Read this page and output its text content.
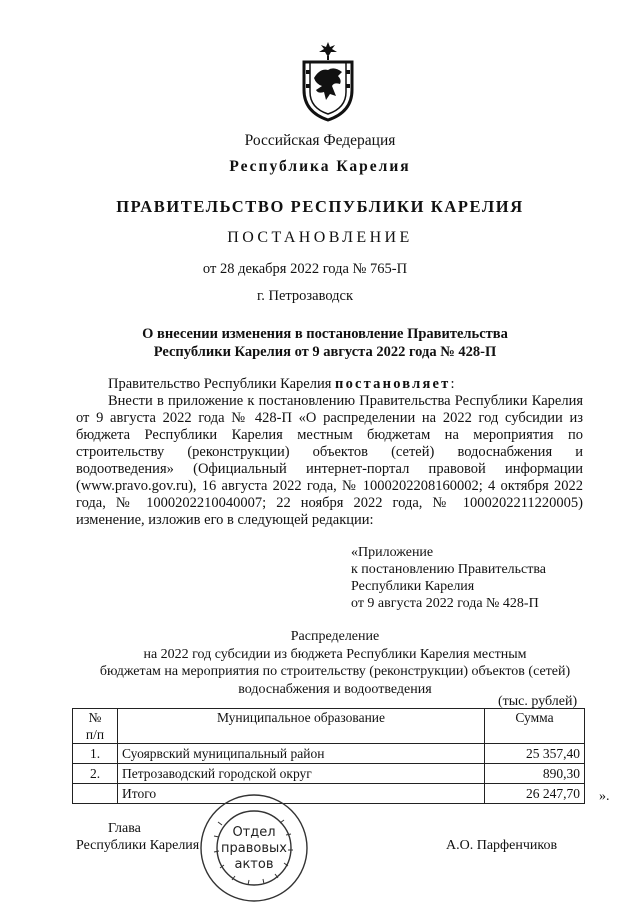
Российская Федерация
Республика Карелия
ПРАВИТЕЛЬСТВО РЕСПУБЛИКИ КАРЕЛИЯ
ПОСТАНОВЛЕНИЕ
от 28 декабря 2022 года № 765-П
г. Петрозаводск
О внесении изменения в постановление Правительства
Республики Карелия от 9 августа 2022 года № 428-П
Правительство Республики Карелия постановляет:
Внести в приложение к постановлению Правительства Республики Карелия от 9 августа 2022 года № 428-П «О распределении на 2022 год субсидии из бюджета Республики Карелия местным бюджетам на мероприятия по строительству (реконструкции) объектов (сетей) водоснабжения и водоотведения» (Официальный интернет-портал правовой информации (www.pravo.gov.ru), 16 августа 2022 года, № 1000202208160002; 4 октября 2022 года, № 1000202210040007; 22 ноября 2022 года, № 1000202211220005) изменение, изложив его в следующей редакции:
«Приложение
к постановлению Правительства
Республики Карелия
от 9 августа 2022 года № 428-П
Распределение
на 2022 год субсидии из бюджета Республики Карелия местным
бюджетам на мероприятия по строительству (реконструкции) объектов (сетей)
водоснабжения и водоотведения
(тыс. рублей)
№
п/п	Муниципальное образование	Сумма
1.	Суоярвский муниципальный район	25 357,40
2.	Петрозаводский городской округ	890,30
	Итого	26 247,70 ».
Глава
Республики Карелия	А.О. Парфенчиков
Отдел
правовых
актов
